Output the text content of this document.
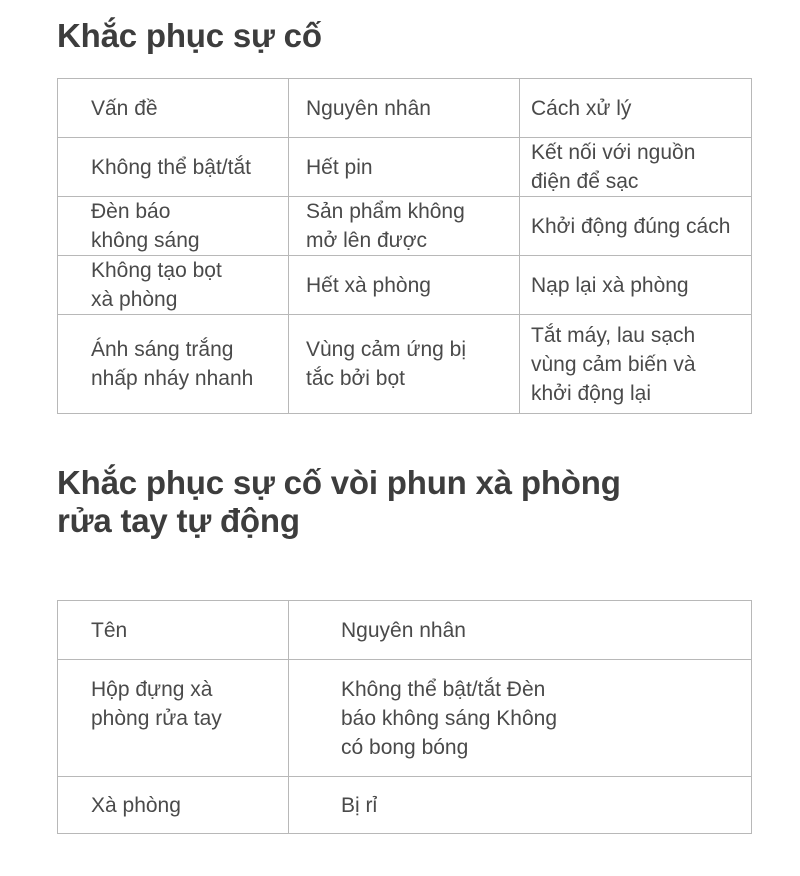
Khắc phục sự cố
Vấn đề	Nguyên nhân	Cách xử lý

Không thể bật/tắt	Hết pin	Kết nối với nguồn điện để sạc

Đèn báo không sáng	Sản phẩm không mở lên được	Khởi động đúng cách

Không tạo bọt xà phòng	Hết xà phòng	Nạp lại xà phòng

Ánh sáng trắng nhấp nháy nhanh	Vùng cảm ứng bị tắc bởi bọt	Tắt máy, lau sạch vùng cảm biến và khởi động lại
Khắc phục sự cố vòi phun xà phòng rửa tay tự động
Tên	Nguyên nhân

Hộp đựng xà phòng rửa tay	Không thể bật/tắt Đèn báo không sáng Không có bong bóng

Xà phòng	Bị rỉ
